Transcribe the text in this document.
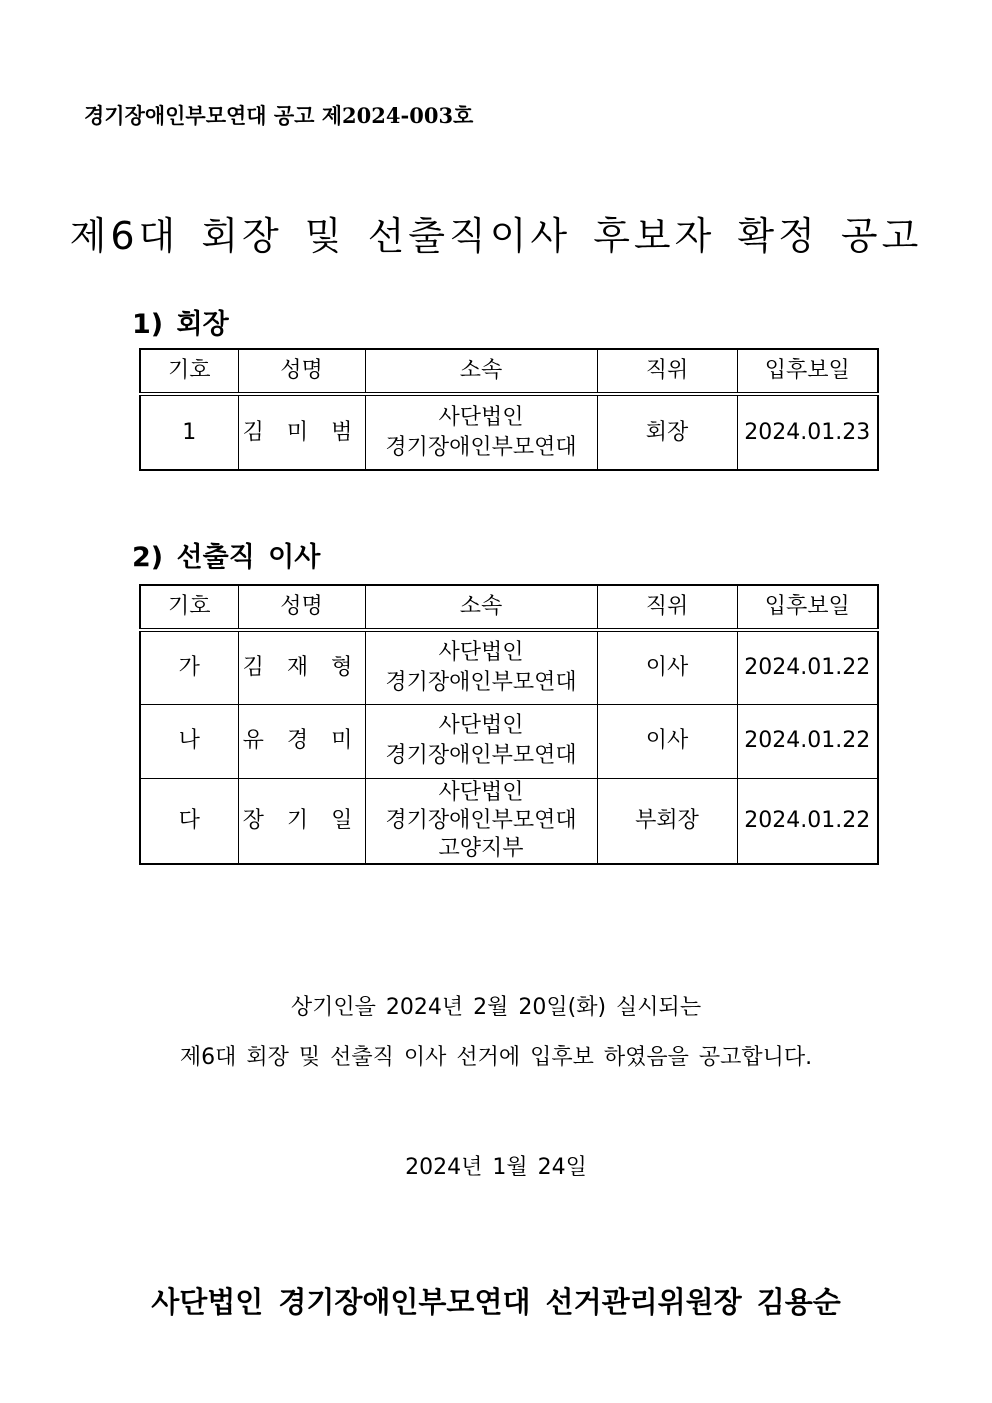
경기장애인부모연대 공고 제2024-003호
제6대 회장 및 선출직이사 후보자 확정 공고
1) 회장
기호	성명	소속	직위	입후보일
1	김 미 범	사단법인
경기장애인부모연대	회장	2024.01.23
2) 선출직 이사
기호	성명	소속	직위	입후보일
가	김 재 형	사단법인
경기장애인부모연대	이사	2024.01.22
나	유 경 미	사단법인
경기장애인부모연대	이사	2024.01.22
다	장 기 일	사단법인
경기장애인부모연대
고양지부	부회장	2024.01.22
상기인을 2024년 2월 20일(화) 실시되는
제6대 회장 및 선출직 이사 선거에 입후보 하였음을 공고합니다.
2024년 1월 24일
사단법인 경기장애인부모연대 선거관리위원장 김용순
